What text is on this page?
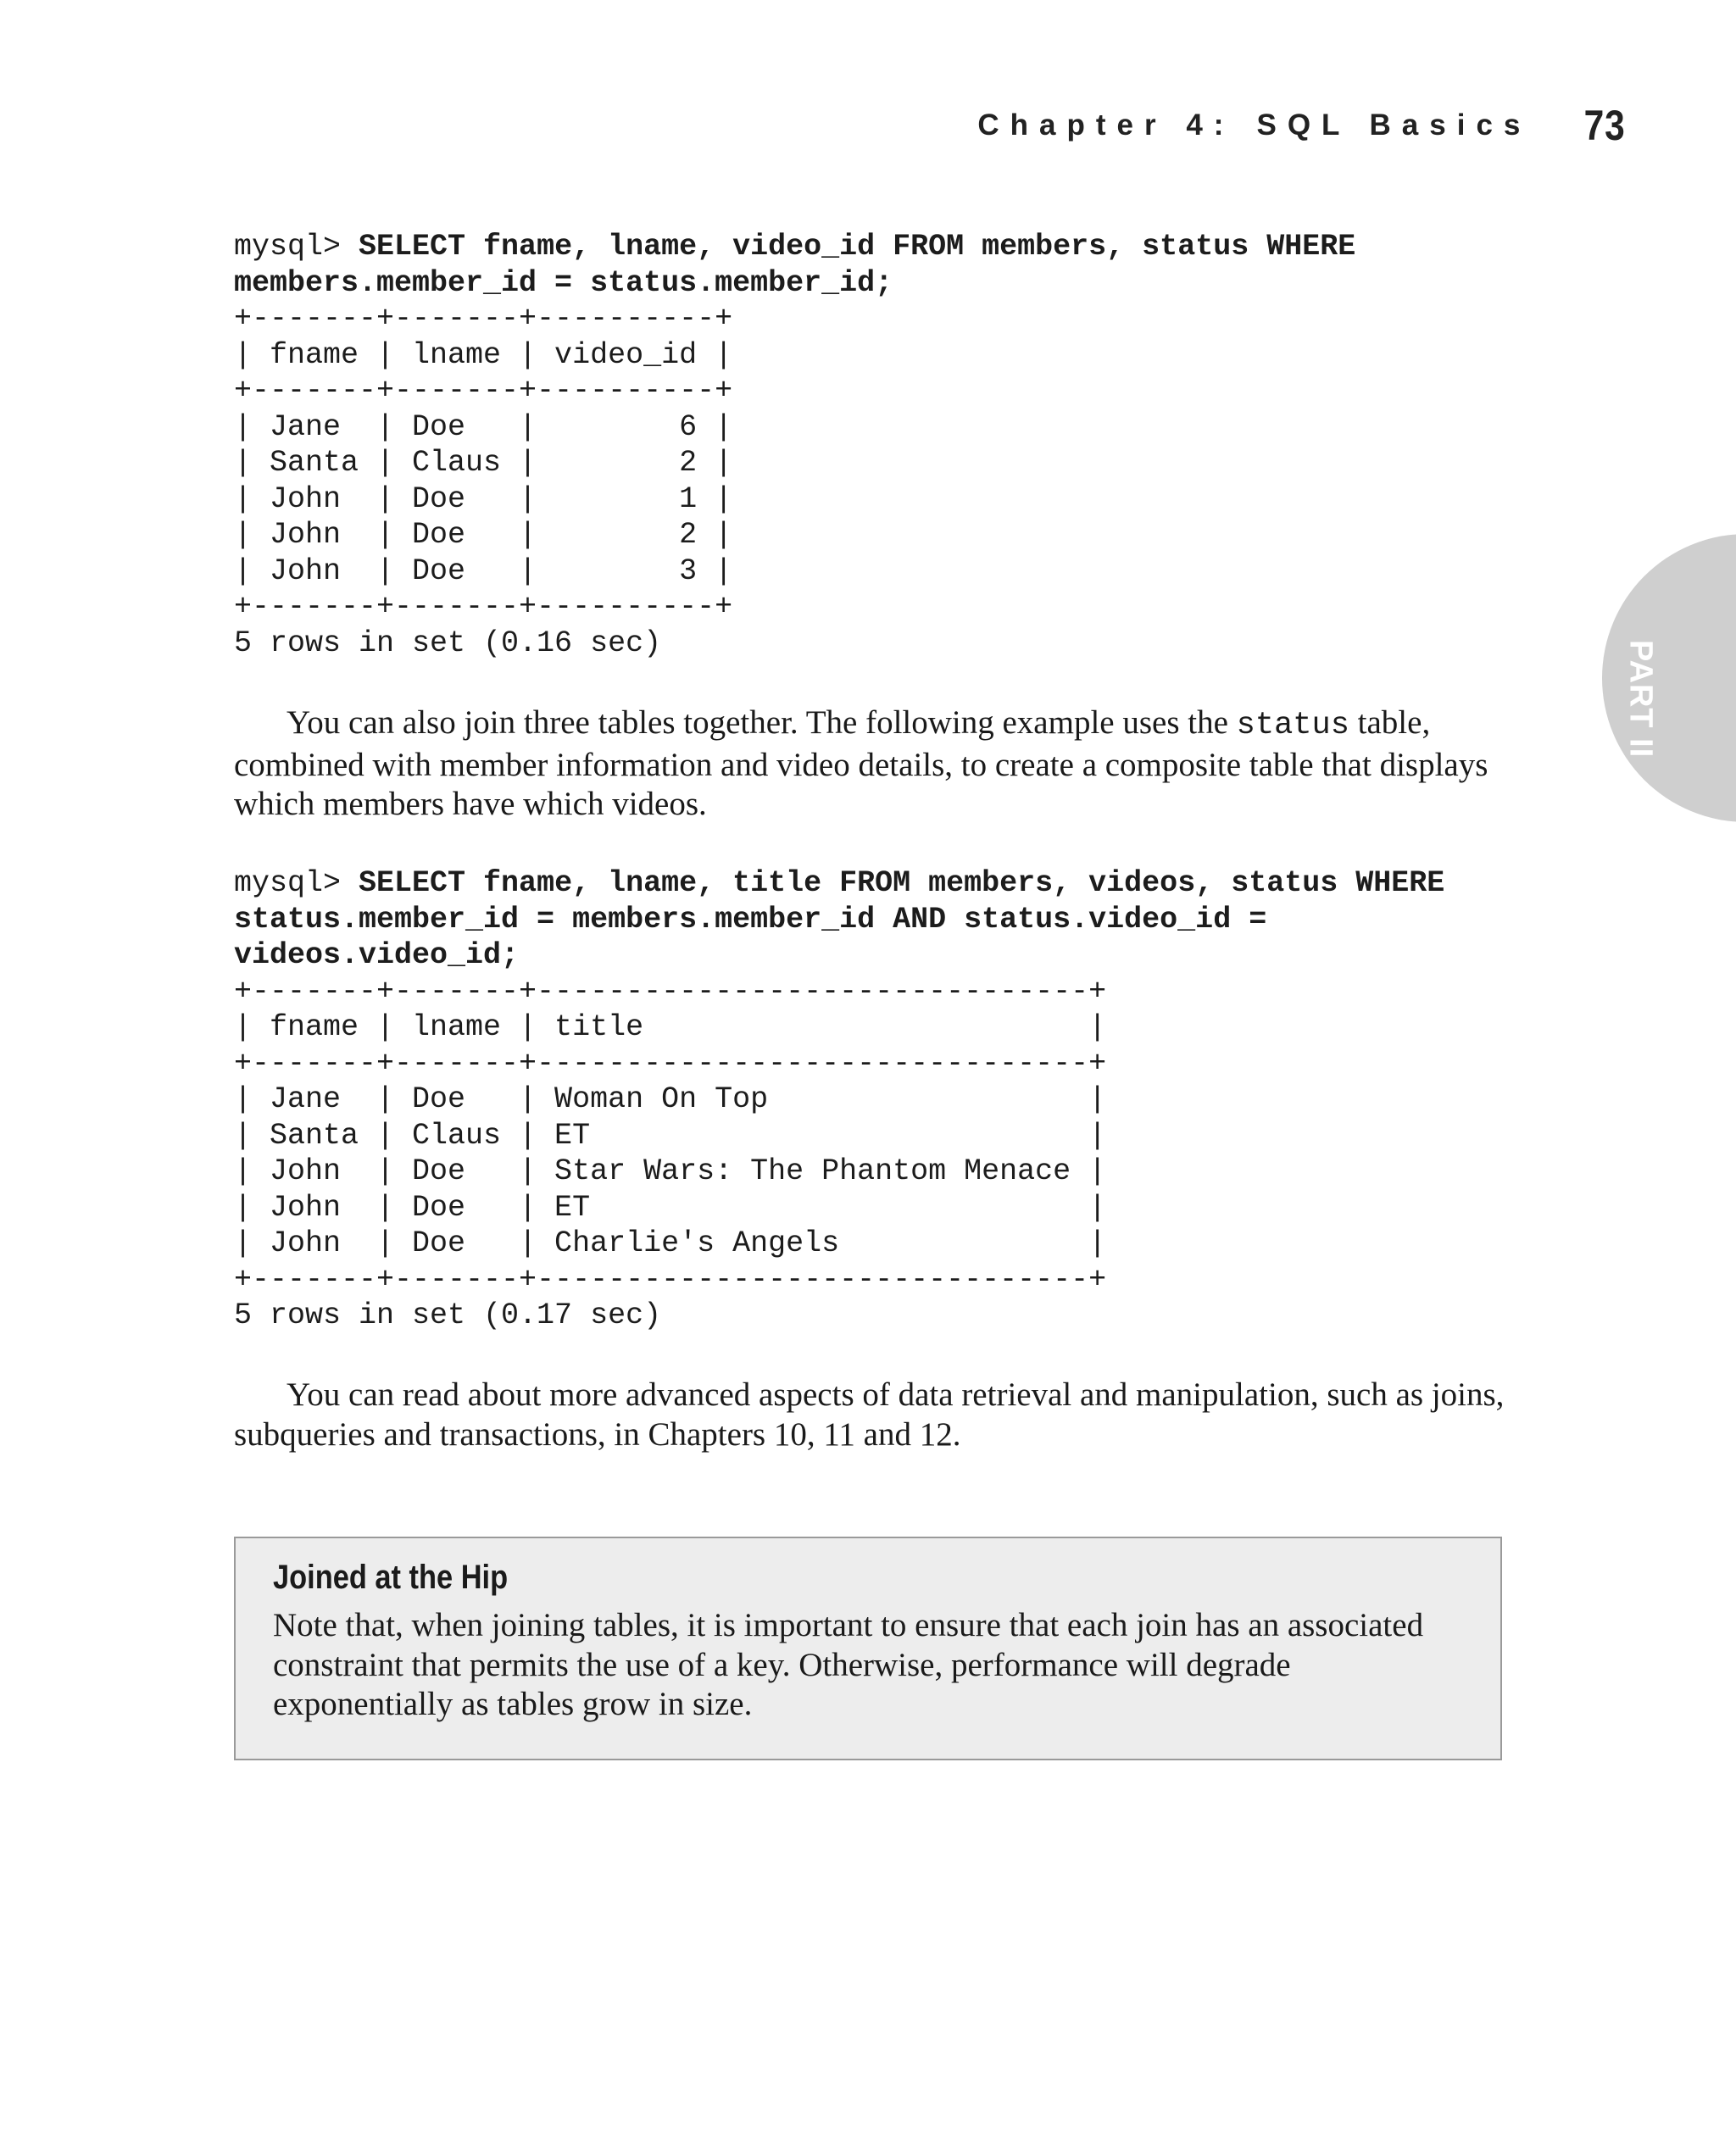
Chapter 4: SQL Basics 73
PART II
mysql> SELECT fname, lname, video_id FROM members, status WHERE
members.member_id = status.member_id;
+-------+-------+----------+
| fname | lname | video_id |
+-------+-------+----------+
| Jane  | Doe   |        6 |
| Santa | Claus |        2 |
| John  | Doe   |        1 |
| John  | Doe   |        2 |
| John  | Doe   |        3 |
+-------+-------+----------+
5 rows in set (0.16 sec)

You can also join three tables together. The following example uses the status table, combined with member information and video details, to create a composite table that displays which members have which videos.

mysql> SELECT fname, lname, title FROM members, videos, status WHERE
status.member_id = members.member_id AND status.video_id =
videos.video_id;
+-------+-------+-------------------------------+
| fname | lname | title                         |
+-------+-------+-------------------------------+
| Jane  | Doe   | Woman On Top                  |
| Santa | Claus | ET                            |
| John  | Doe   | Star Wars: The Phantom Menace |
| John  | Doe   | ET                            |
| John  | Doe   | Charlie's Angels              |
+-------+-------+-------------------------------+
5 rows in set (0.17 sec)

You can read about more advanced aspects of data retrieval and manipulation, such as joins, subqueries and transactions, in Chapters 10, 11 and 12.

Joined at the Hip

Note that, when joining tables, it is important to ensure that each join has an associated constraint that permits the use of a key. Otherwise, performance will degrade exponentially as tables grow in size.
